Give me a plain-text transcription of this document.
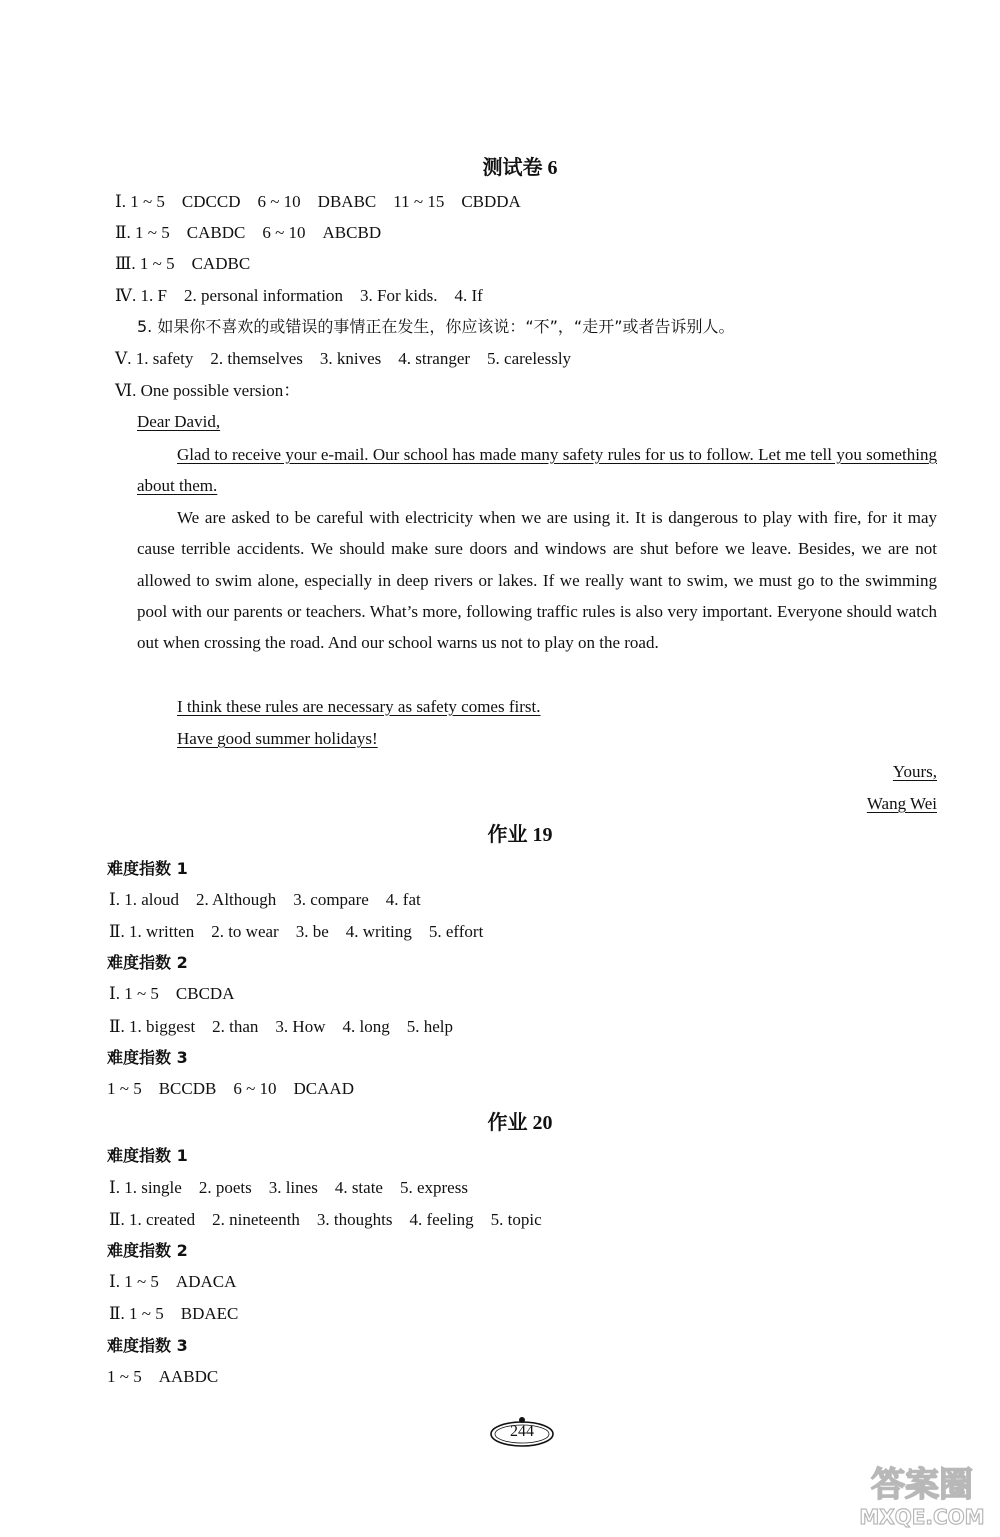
测试卷 6
Ⅰ. 1 ~ 5　CDCCD　6 ~ 10　DBABC　11 ~ 15　CBDDA
Ⅱ. 1 ~ 5　CABDC　6 ~ 10　ABCBD
Ⅲ. 1 ~ 5　CADBC
Ⅳ. 1. F　2. personal information　3. For kids.　4. If
5. 如果你不喜欢的或错误的事情正在发生，你应该说：“不”，“走开”或者告诉别人。
Ⅴ. 1. safety　2. themselves　3. knives　4. stranger　5. carelessly
Ⅵ. One possible version：
Dear David,
Glad to receive your e-mail. Our school has made many safety rules for us to follow. Let me tell you something about them.
We are asked to be careful with electricity when we are using it. It is dangerous to play with fire, for it may cause terrible accidents. We should make sure doors and windows are shut before we leave. Besides, we are not allowed to swim alone, especially in deep rivers or lakes. If we really want to swim, we must go to the swimming pool with our parents or teachers. What’s more, following traffic rules is also very important. Everyone should watch out when crossing the road. And our school warns us not to play on the road.
I think these rules are necessary as safety comes first.
Have good summer holidays!
Yours,
Wang Wei
作业 19
难度指数 1
Ⅰ. 1. aloud　2. Although　3. compare　4. fat
Ⅱ. 1. written　2. to wear　3. be　4. writing　5. effort
难度指数 2
Ⅰ. 1 ~ 5　CBCDA
Ⅱ. 1. biggest　2. than　3. How　4. long　5. help
难度指数 3
1 ~ 5　BCCDB　6 ~ 10　DCAAD
作业 20
难度指数 1
Ⅰ. 1. single　2. poets　3. lines　4. state　5. express
Ⅱ. 1. created　2. nineteenth　3. thoughts　4. feeling　5. topic
难度指数 2
Ⅰ. 1 ~ 5　ADACA
Ⅱ. 1 ~ 5　BDAEC
难度指数 3
1 ~ 5　AABDC
244
答案圈
MXQE.COM
